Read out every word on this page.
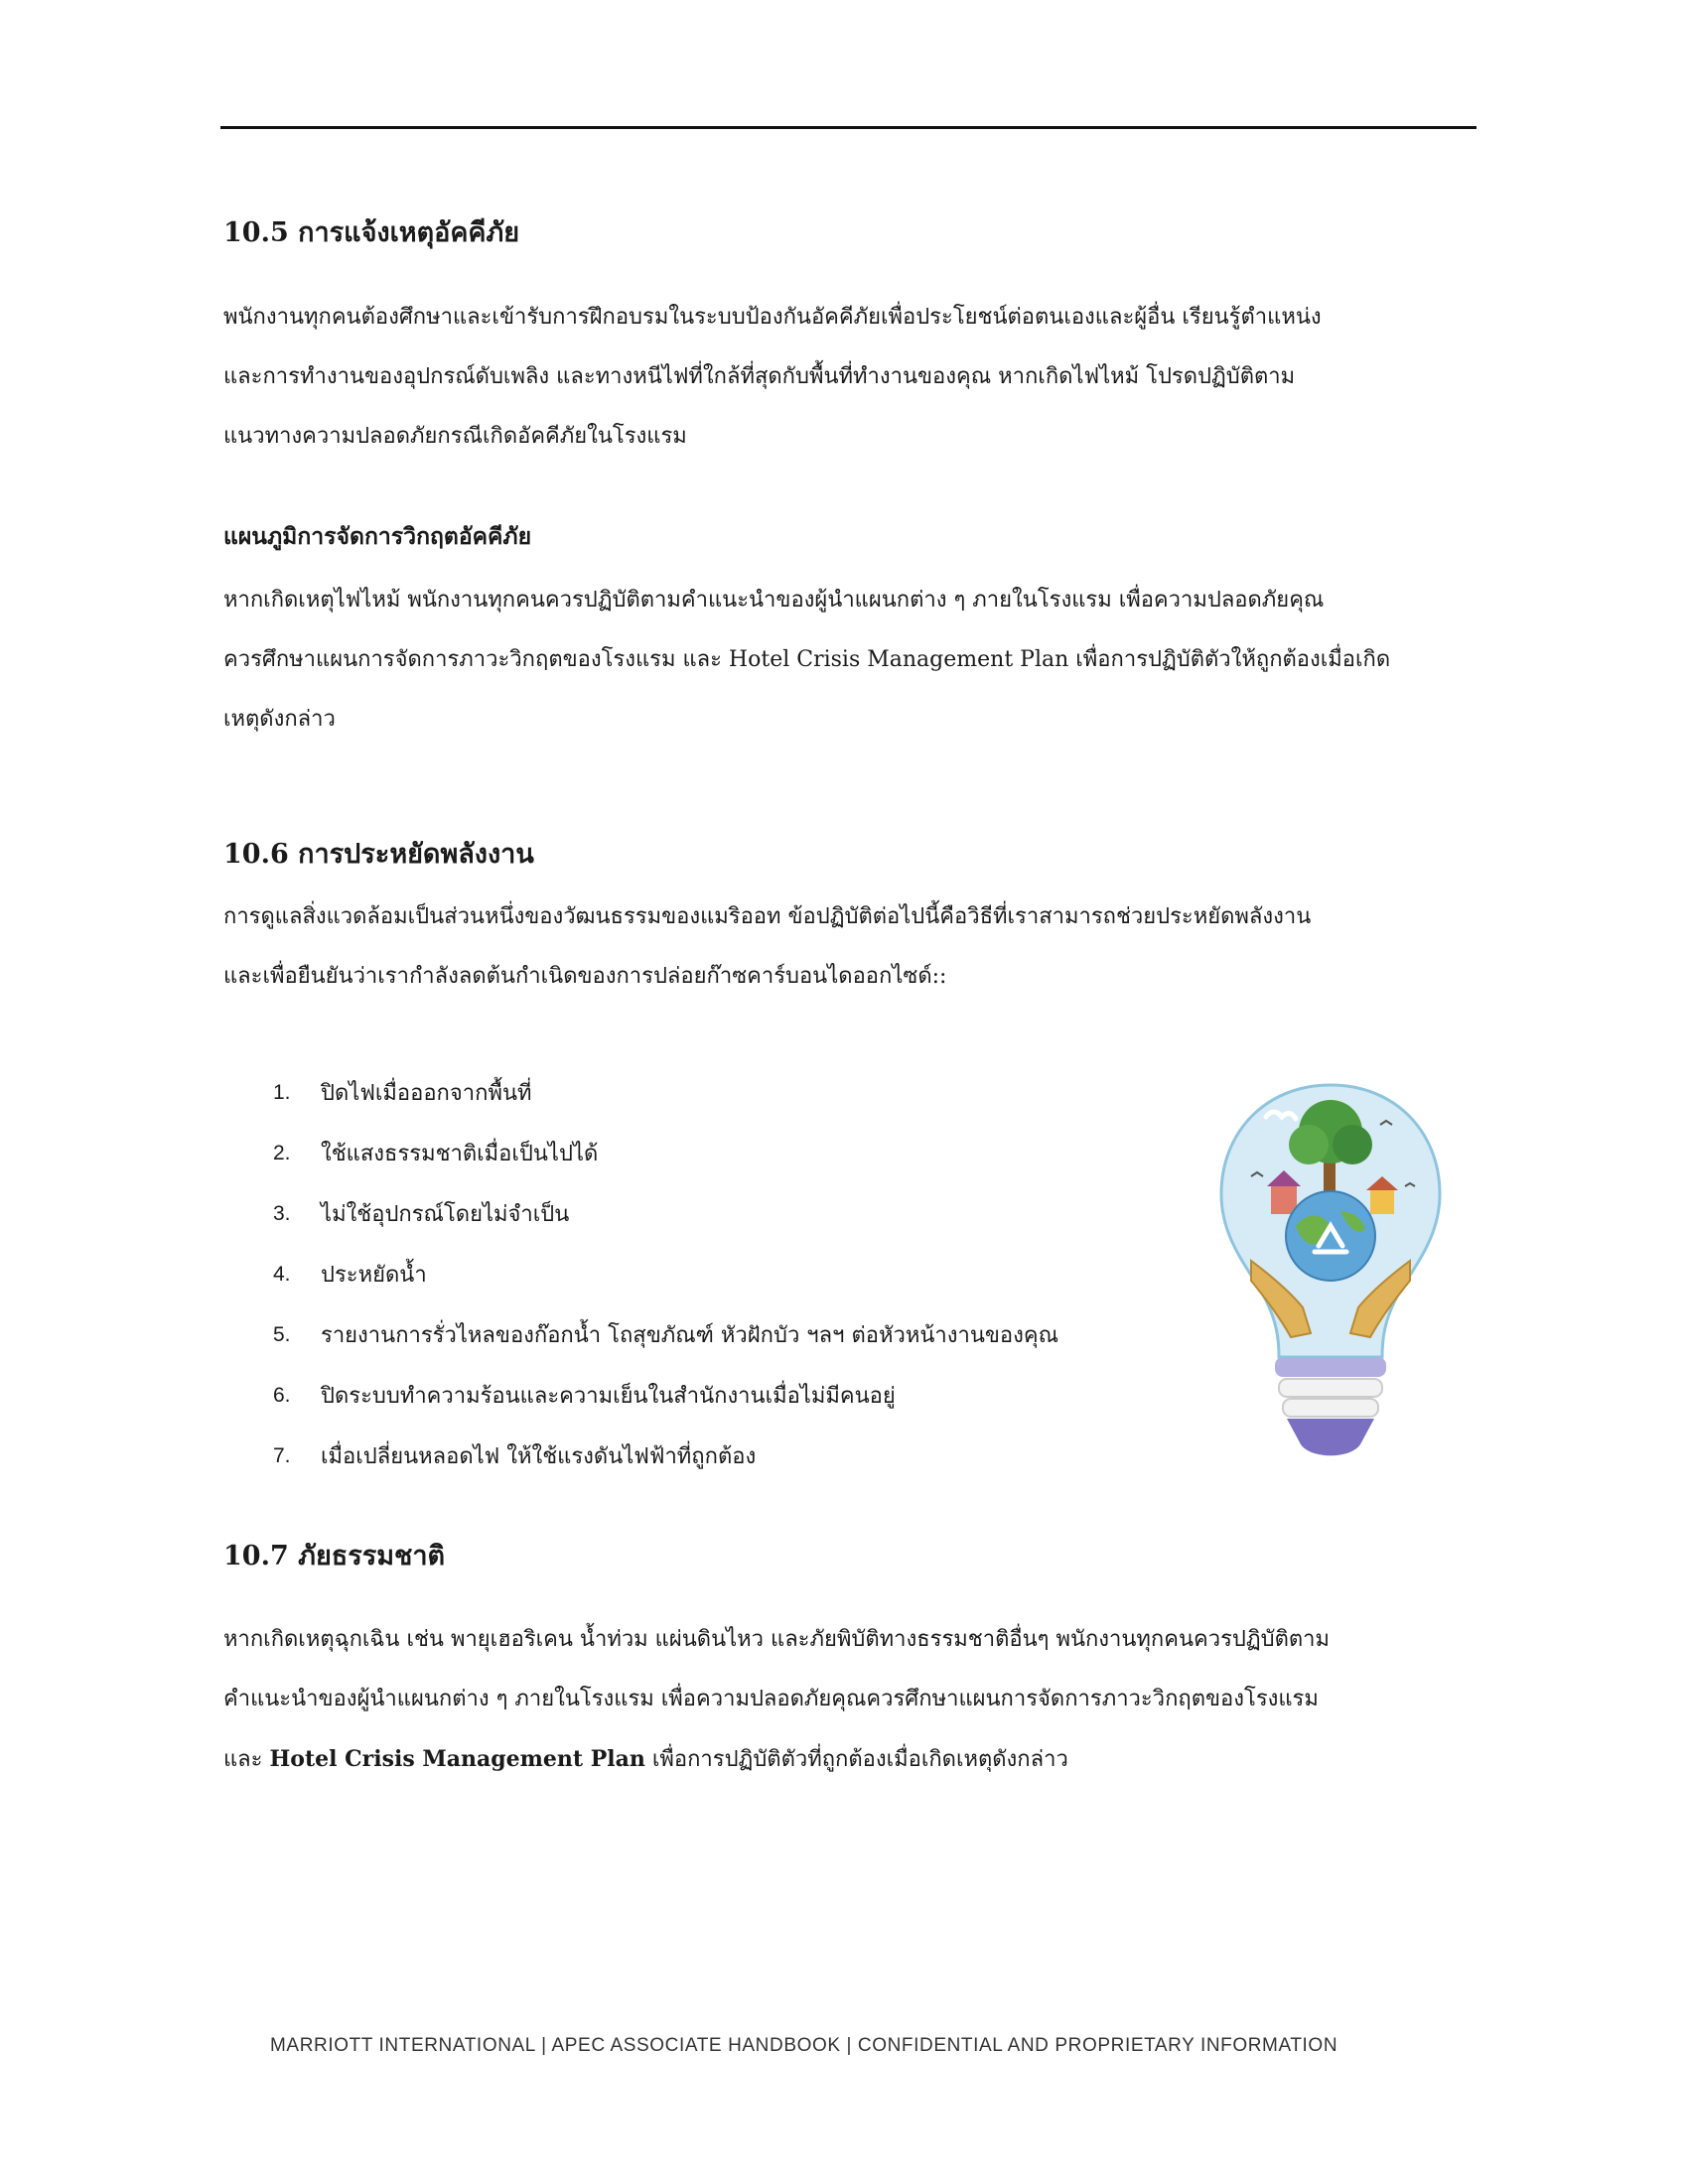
10.5 การแจ้งเหตุอัคคีภัย
พนักงานทุกคนต้องศึกษาและเข้ารับการฝึกอบรมในระบบป้องกันอัคคีภัยเพื่อประโยชน์ต่อตนเองและผู้อื่น เรียนรู้ตำแหน่ง
และการทำงานของอุปกรณ์ดับเพลิง และทางหนีไฟที่ใกล้ที่สุดกับพื้นที่ทำงานของคุณ หากเกิดไฟไหม้ โปรดปฏิบัติตาม
แนวทางความปลอดภัยกรณีเกิดอัคคีภัยในโรงแรม
แผนภูมิการจัดการวิกฤตอัคคีภัย
หากเกิดเหตุไฟไหม้ พนักงานทุกคนควรปฏิบัติตามคำแนะนำของผู้นำแผนกต่าง ๆ ภายในโรงแรม เพื่อความปลอดภัยคุณ
ควรศึกษาแผนการจัดการภาวะวิกฤตของโรงแรม และ Hotel Crisis Management Plan เพื่อการปฏิบัติตัวให้ถูกต้องเมื่อเกิด
เหตุดังกล่าว
10.6 การประหยัดพลังงาน
การดูแลสิ่งแวดล้อมเป็นส่วนหนึ่งของวัฒนธรรมของแมริออท ข้อปฏิบัติต่อไปนี้คือวิธีที่เราสามารถช่วยประหยัดพลังงาน
และเพื่อยืนยันว่าเรากำลังลดต้นกำเนิดของการปล่อยก๊าซคาร์บอนไดออกไซด์::
1.	ปิดไฟเมื่อออกจากพื้นที่
2.	ใช้แสงธรรมชาติเมื่อเป็นไปได้
3.	ไม่ใช้อุปกรณ์โดยไม่จำเป็น
4.	ประหยัดน้ำ
5.	รายงานการรั่วไหลของก๊อกน้ำ โถสุขภัณฑ์ หัวฝักบัว ฯลฯ ต่อหัวหน้างานของคุณ
6.	ปิดระบบทำความร้อนและความเย็นในสำนักงานเมื่อไม่มีคนอยู่
7.	เมื่อเปลี่ยนหลอดไฟ ให้ใช้แรงดันไฟฟ้าที่ถูกต้อง
10.7 ภัยธรรมชาติ
หากเกิดเหตุฉุกเฉิน เช่น พายุเฮอริเคน น้ำท่วม แผ่นดินไหว และภัยพิบัติทางธรรมชาติอื่นๆ พนักงานทุกคนควรปฏิบัติตาม
คำแนะนำของผู้นำแผนกต่าง ๆ ภายในโรงแรม เพื่อความปลอดภัยคุณควรศึกษาแผนการจัดการภาวะวิกฤตของโรงแรม
และ Hotel Crisis Management Plan เพื่อการปฏิบัติตัวที่ถูกต้องเมื่อเกิดเหตุดังกล่าว
MARRIOTT INTERNATIONAL | APEC ASSOCIATE HANDBOOK | CONFIDENTIAL AND PROPRIETARY INFORMATION
